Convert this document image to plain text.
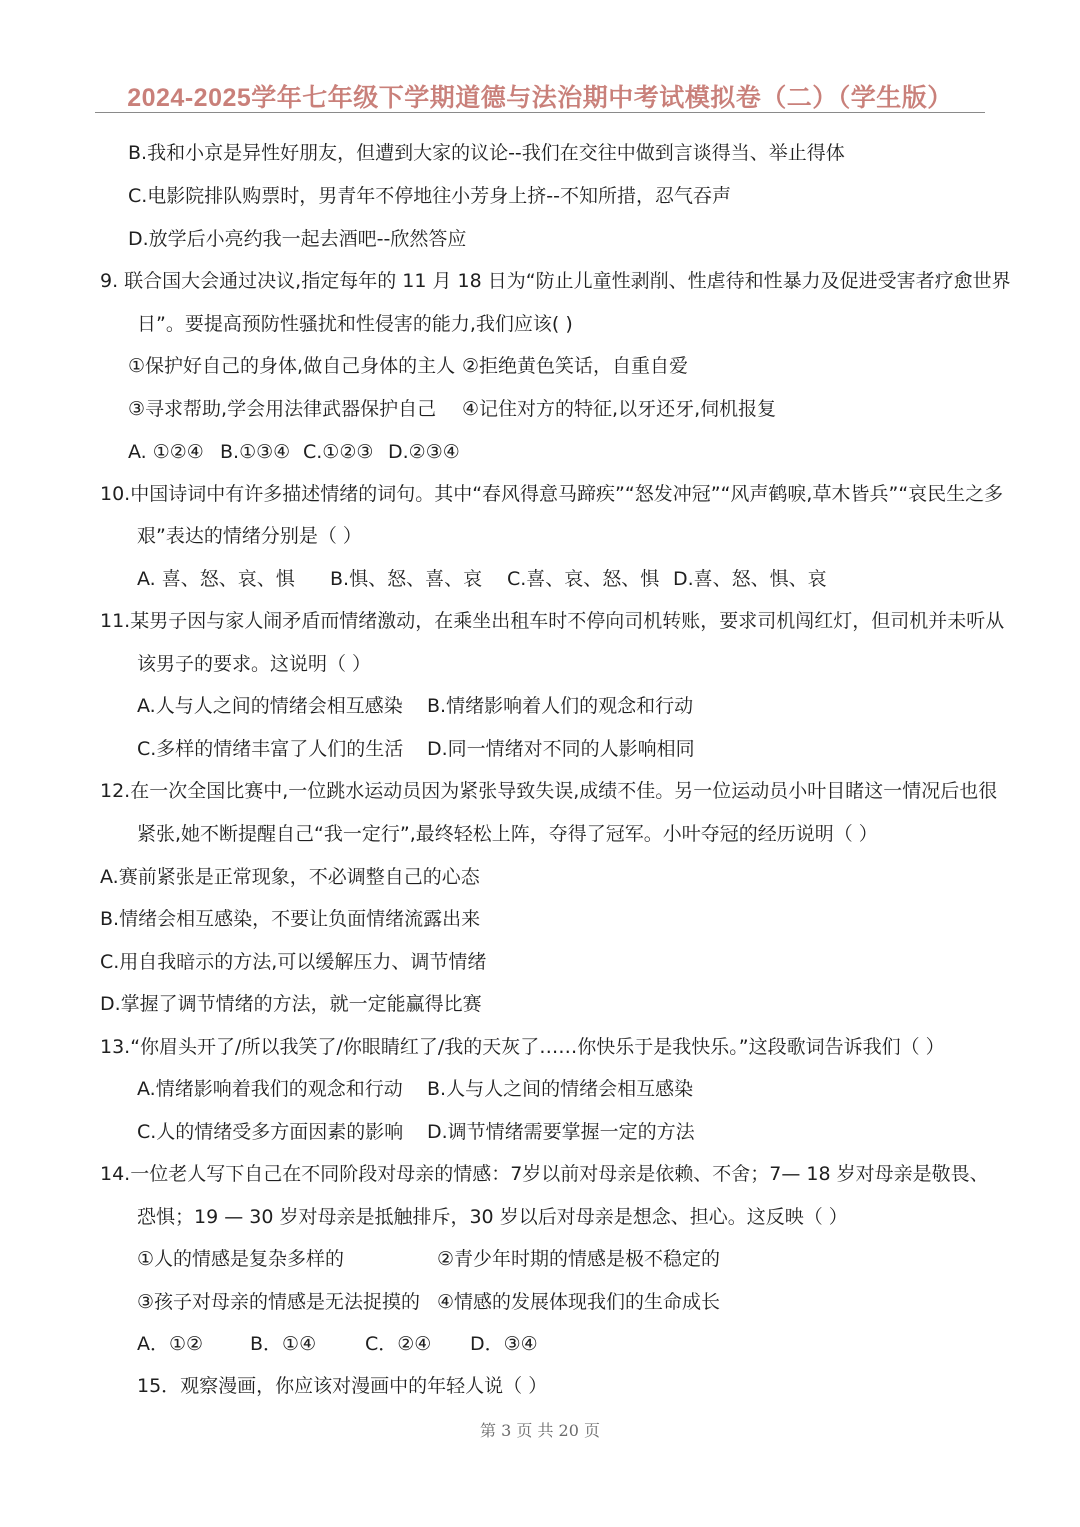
2024-2025学年七年级下学期道德与法治期中考试模拟卷（二）（学生版）
B.我和小京是异性好朋友，但遭到大家的议论--我们在交往中做到言谈得当、举止得体
C.电影院排队购票时，男青年不停地往小芳身上挤--不知所措，忍气吞声
D.放学后小亮约我一起去酒吧--欣然答应
9. 联合国大会通过决议,指定每年的 11 月 18 日为“防止儿童性剥削、性虐待和性暴力及促进受害者疗愈世界
日”。要提高预防性骚扰和性侵害的能力,我们应该( )
①保护好自己的身体,做自己身体的主人 ②拒绝黄色笑话，自重自爱
③寻求帮助,学会用法律武器保护自己 ④记住对方的特征,以牙还牙,伺机报复
A. ①②④ B.①③④ C.①②③ D.②③④
10.中国诗词中有许多描述情绪的词句。其中“春风得意马蹄疾”“怒发冲冠”“风声鹤唳,草木皆兵”“哀民生之多
艰”表达的情绪分别是（ ）
A. 喜、怒、哀、惧 B.惧、怒、喜、哀 C.喜、哀、怒、惧 D.喜、怒、惧、哀
11.某男子因与家人闹矛盾而情绪激动，在乘坐出租车时不停向司机转账，要求司机闯红灯，但司机并未听从
该男子的要求。这说明（ ）
A.人与人之间的情绪会相互感染 B.情绪影响着人们的观念和行动
C.多样的情绪丰富了人们的生活 D.同一情绪对不同的人影响相同
12.在一次全国比赛中,一位跳水运动员因为紧张导致失误,成绩不佳。另一位运动员小叶目睹这一情况后也很
紧张,她不断提醒自己“我一定行”,最终轻松上阵，夺得了冠军。小叶夺冠的经历说明（ ）
A.赛前紧张是正常现象，不必调整自己的心态
B.情绪会相互感染，不要让负面情绪流露出来
C.用自我暗示的方法,可以缓解压力、调节情绪
D.掌握了调节情绪的方法，就一定能赢得比赛
13.“你眉头开了/所以我笑了/你眼睛红了/我的天灰了……你快乐于是我快乐。”这段歌词告诉我们（ ）
A.情绪影响着我们的观念和行动 B.人与人之间的情绪会相互感染
C.人的情绪受多方面因素的影响 D.调节情绪需要掌握一定的方法
14.一位老人写下自己在不同阶段对母亲的情感：7岁以前对母亲是依赖、不舍；7— 18 岁对母亲是敬畏、
恐惧；19 — 30 岁对母亲是抵触排斥，30 岁以后对母亲是想念、担心。这反映（ ）
①人的情感是复杂多样的	②青少年时期的情感是极不稳定的
③孩子对母亲的情感是无法捉摸的 ④情感的发展体现我们的生命成长
A．①② B．①④	C．②④ D．③④
15．观察漫画，你应该对漫画中的年轻人说（ ）
第 3 页 共 20 页
